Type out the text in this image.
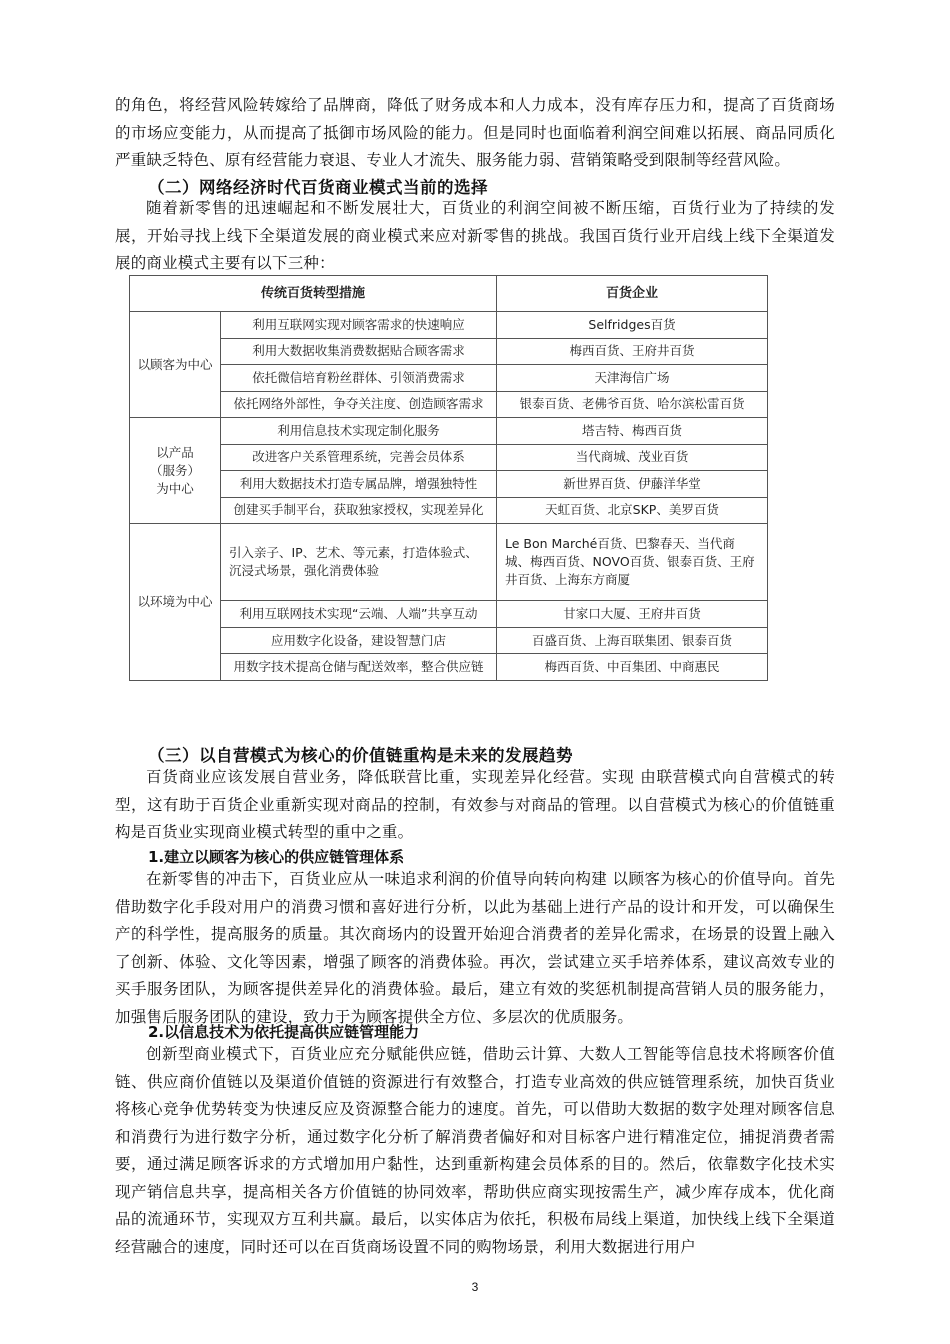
的角色，将经营风险转嫁给了品牌商，降低了财务成本和人力成本，没有库存压力和，提高了百货商场的市场应变能力，从而提高了抵御市场风险的能力。但是同时也面临着利润空间难以拓展、商品同质化严重缺乏特色、原有经营能力衰退、专业人才流失、服务能力弱、营销策略受到限制等经营风险。

（二）网络经济时代百货商业模式当前的选择

随着新零售的迅速崛起和不断发展壮大，百货业的利润空间被不断压缩，百货行业为了持续的发展，开始寻找上线下全渠道发展的商业模式来应对新零售的挑战。我国百货行业开启线上线下全渠道发展的商业模式主要有以下三种：

传统百货转型措施		百货企业
以顾客为中心	利用互联网实现对顾客需求的快速响应	Selfridges百货
	利用大数据收集消费数据贴合顾客需求	梅西百货、王府井百货
	依托微信培育粉丝群体、引领消费需求	天津海信广场
	依托网络外部性，争夺关注度、创造顾客需求	银泰百货、老佛爷百货、哈尔滨松雷百货
以产品（服务）为中心	利用信息技术实现定制化服务	塔吉特、梅西百货
	改进客户关系管理系统，完善会员体系	当代商城、茂业百货
	利用大数据技术打造专属品牌，增强独特性	新世界百货、伊藤洋华堂
	创建买手制平台，获取独家授权，实现差异化	天虹百货、北京SKP、美罗百货
以环境为中心	引入亲子、IP、艺术、等元素，打造体验式、沉浸式场景，强化消费体验	Le Bon Marché百货、巴黎春天、当代商城、梅西百货、NOVO百货、银泰百货、王府井百货、上海东方商厦
	利用互联网技术实现“云端、人端”共享互动	甘家口大厦、王府井百货
	应用数字化设备，建设智慧门店	百盛百货、上海百联集团、银泰百货
	用数字技术提高仓储与配送效率，整合供应链	梅西百货、中百集团、中商惠民

（三）以自营模式为核心的价值链重构是未来的发展趋势

百货商业应该发展自营业务，降低联营比重，实现差异化经营。实现 由联营模式向自营模式的转型，这有助于百货企业重新实现对商品的控制，有效参与对商品的管理。以自营模式为核心的价值链重构是百货业实现商业模式转型的重中之重。

1.建立以顾客为核心的供应链管理体系

在新零售的冲击下，百货业应从一味追求利润的价值导向转向构建 以顾客为核心的价值导向。首先借助数字化手段对用户的消费习惯和喜好进行分析，以此为基础上进行产品的设计和开发，可以确保生产的科学性，提高服务的质量。其次商场内的设置开始迎合消费者的差异化需求，在场景的设置上融入了创新、体验、文化等因素，增强了顾客的消费体验。再次，尝试建立买手培养体系，建议高效专业的买手服务团队，为顾客提供差异化的消费体验。最后，建立有效的奖惩机制提高营销人员的服务能力，加强售后服务团队的建设，致力于为顾客提供全方位、多层次的优质服务。

2.以信息技术为依托提高供应链管理能力

创新型商业模式下，百货业应充分赋能供应链，借助云计算、大数人工智能等信息技术将顾客价值链、供应商价值链以及渠道价值链的资源进行有效整合，打造专业高效的供应链管理系统，加快百货业将核心竞争优势转变为快速反应及资源整合能力的速度。首先，可以借助大数据的数字处理对顾客信息和消费行为进行数字分析，通过数字化分析了解消费者偏好和对目标客户进行精准定位，捕捉消费者需要，通过满足顾客诉求的方式增加用户黏性，达到重新构建会员体系的目的。然后，依靠数字化技术实现产销信息共享，提高相关各方价值链的协同效率，帮助供应商实现按需生产，减少库存成本，优化商品的流通环节，实现双方互利共赢。最后，以实体店为依托，积极布局线上渠道，加快线上线下全渠道经营融合的速度，同时还可以在百货商场设置不同的购物场景，利用大数据进行用户

3
